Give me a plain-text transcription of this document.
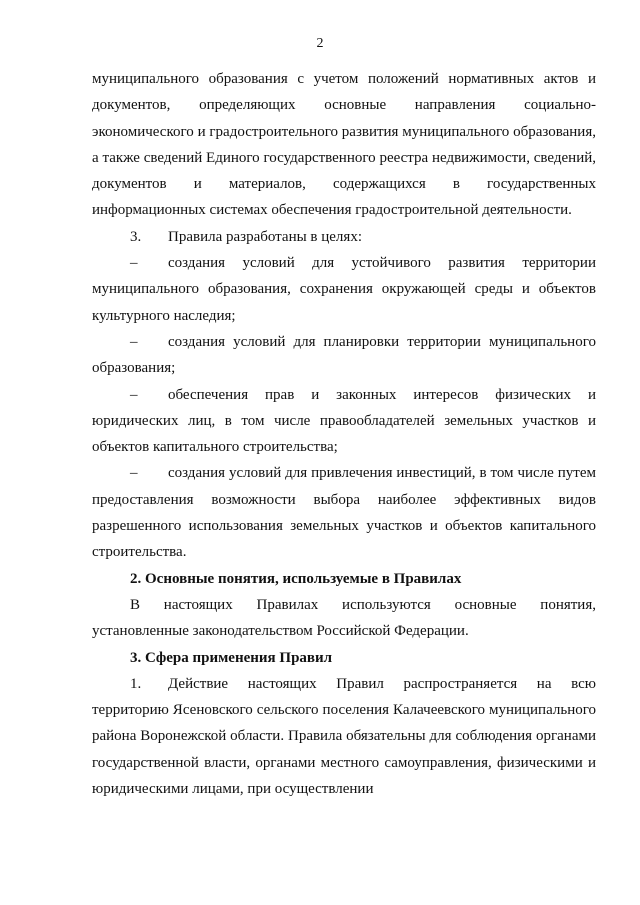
2

муниципального образования с учетом положений нормативных актов и документов, определяющих основные направления социально-экономического и градостроительного развития муниципального образования, а также сведений Единого государственного реестра недвижимости, сведений, документов и материалов, содержащихся в государственных информационных системах обеспечения градостроительной деятельности.

3. Правила разработаны в целях:

– создания условий для устойчивого развития территории муниципального образования, сохранения окружающей среды и объектов культурного наследия;

– создания условий для планировки территории муниципального образования;

– обеспечения прав и законных интересов физических и юридических лиц, в том числе правообладателей земельных участков и объектов капитального строительства;

– создания условий для привлечения инвестиций, в том числе путем предоставления возможности выбора наиболее эффективных видов разрешенного использования земельных участков и объектов капитального строительства.

2. Основные понятия, используемые в Правилах

В настоящих Правилах используются основные понятия, установленные законодательством Российской Федерации.

3. Сфера применения Правил

1. Действие настоящих Правил распространяется на всю территорию Ясеновского сельского поселения Калачеевского муниципального района Воронежской области. Правила обязательны для соблюдения органами государственной власти, органами местного самоуправления, физическими и юридическими лицами, при осуществлении
